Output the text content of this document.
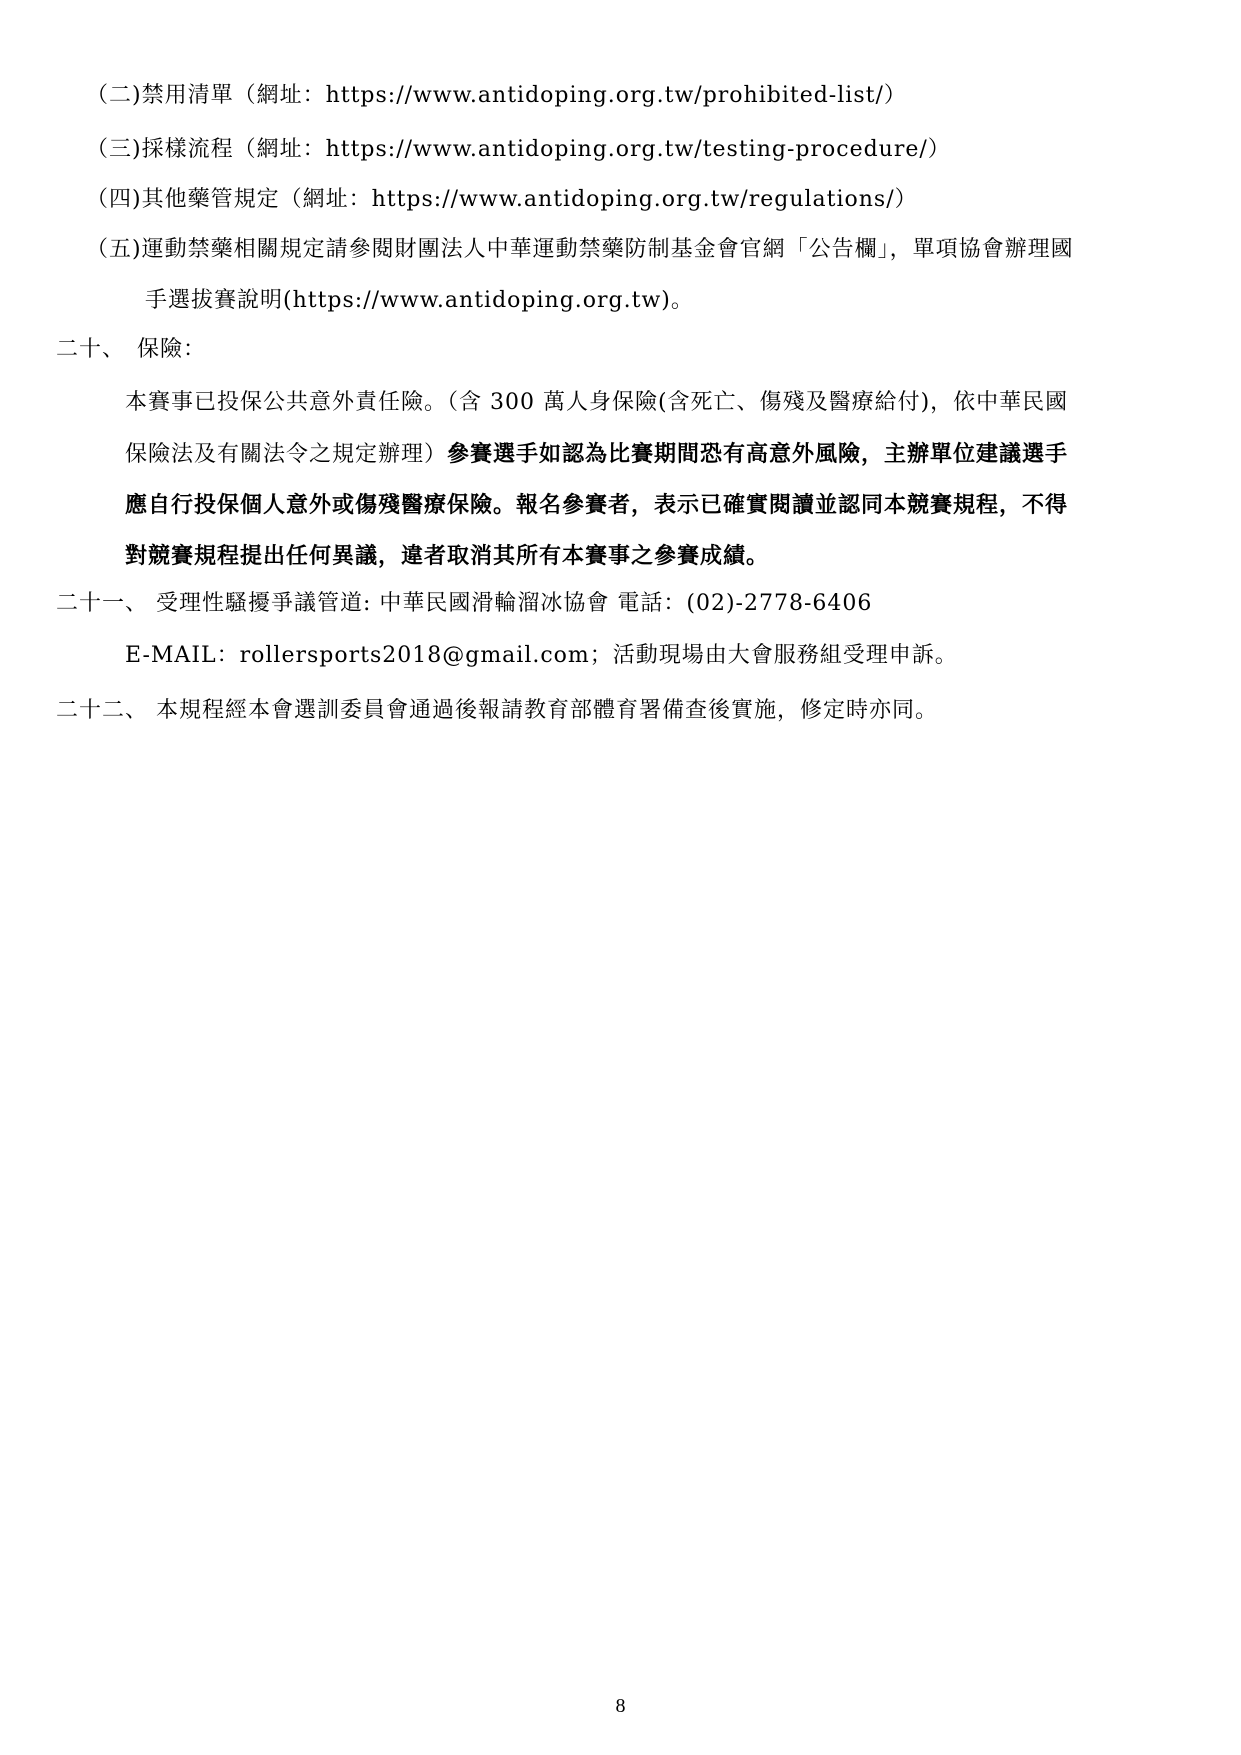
（二)禁用清單（網址：https://www.antidoping.org.tw/prohibited-list/）
（三)採樣流程（網址：https://www.antidoping.org.tw/testing-procedure/）
（四)其他藥管規定（網址：https://www.antidoping.org.tw/regulations/）
（五)運動禁藥相關規定請參閱財團法人中華運動禁藥防制基金會官網「公告欄」，單項協會辦理國
手選拔賽說明(https://www.antidoping.org.tw)。
二十、　保險：
本賽事已投保公共意外責任險。（含 300 萬人身保險(含死亡、傷殘及醫療給付)，依中華民國
保險法及有關法令之規定辦理）參賽選手如認為比賽期間恐有高意外風險，主辦單位建議選手
應自行投保個人意外或傷殘醫療保險。報名參賽者，表示已確實閱讀並認同本競賽規程，不得
對競賽規程提出任何異議，違者取消其所有本賽事之參賽成績。
二十一、 受理性騷擾爭議管道: 中華民國滑輪溜冰協會 電話：(02)-2778-6406
E-MAIL：rollersports2018@gmail.com；活動現場由大會服務組受理申訴。
二十二、 本規程經本會選訓委員會通過後報請教育部體育署備查後實施，修定時亦同。
8
